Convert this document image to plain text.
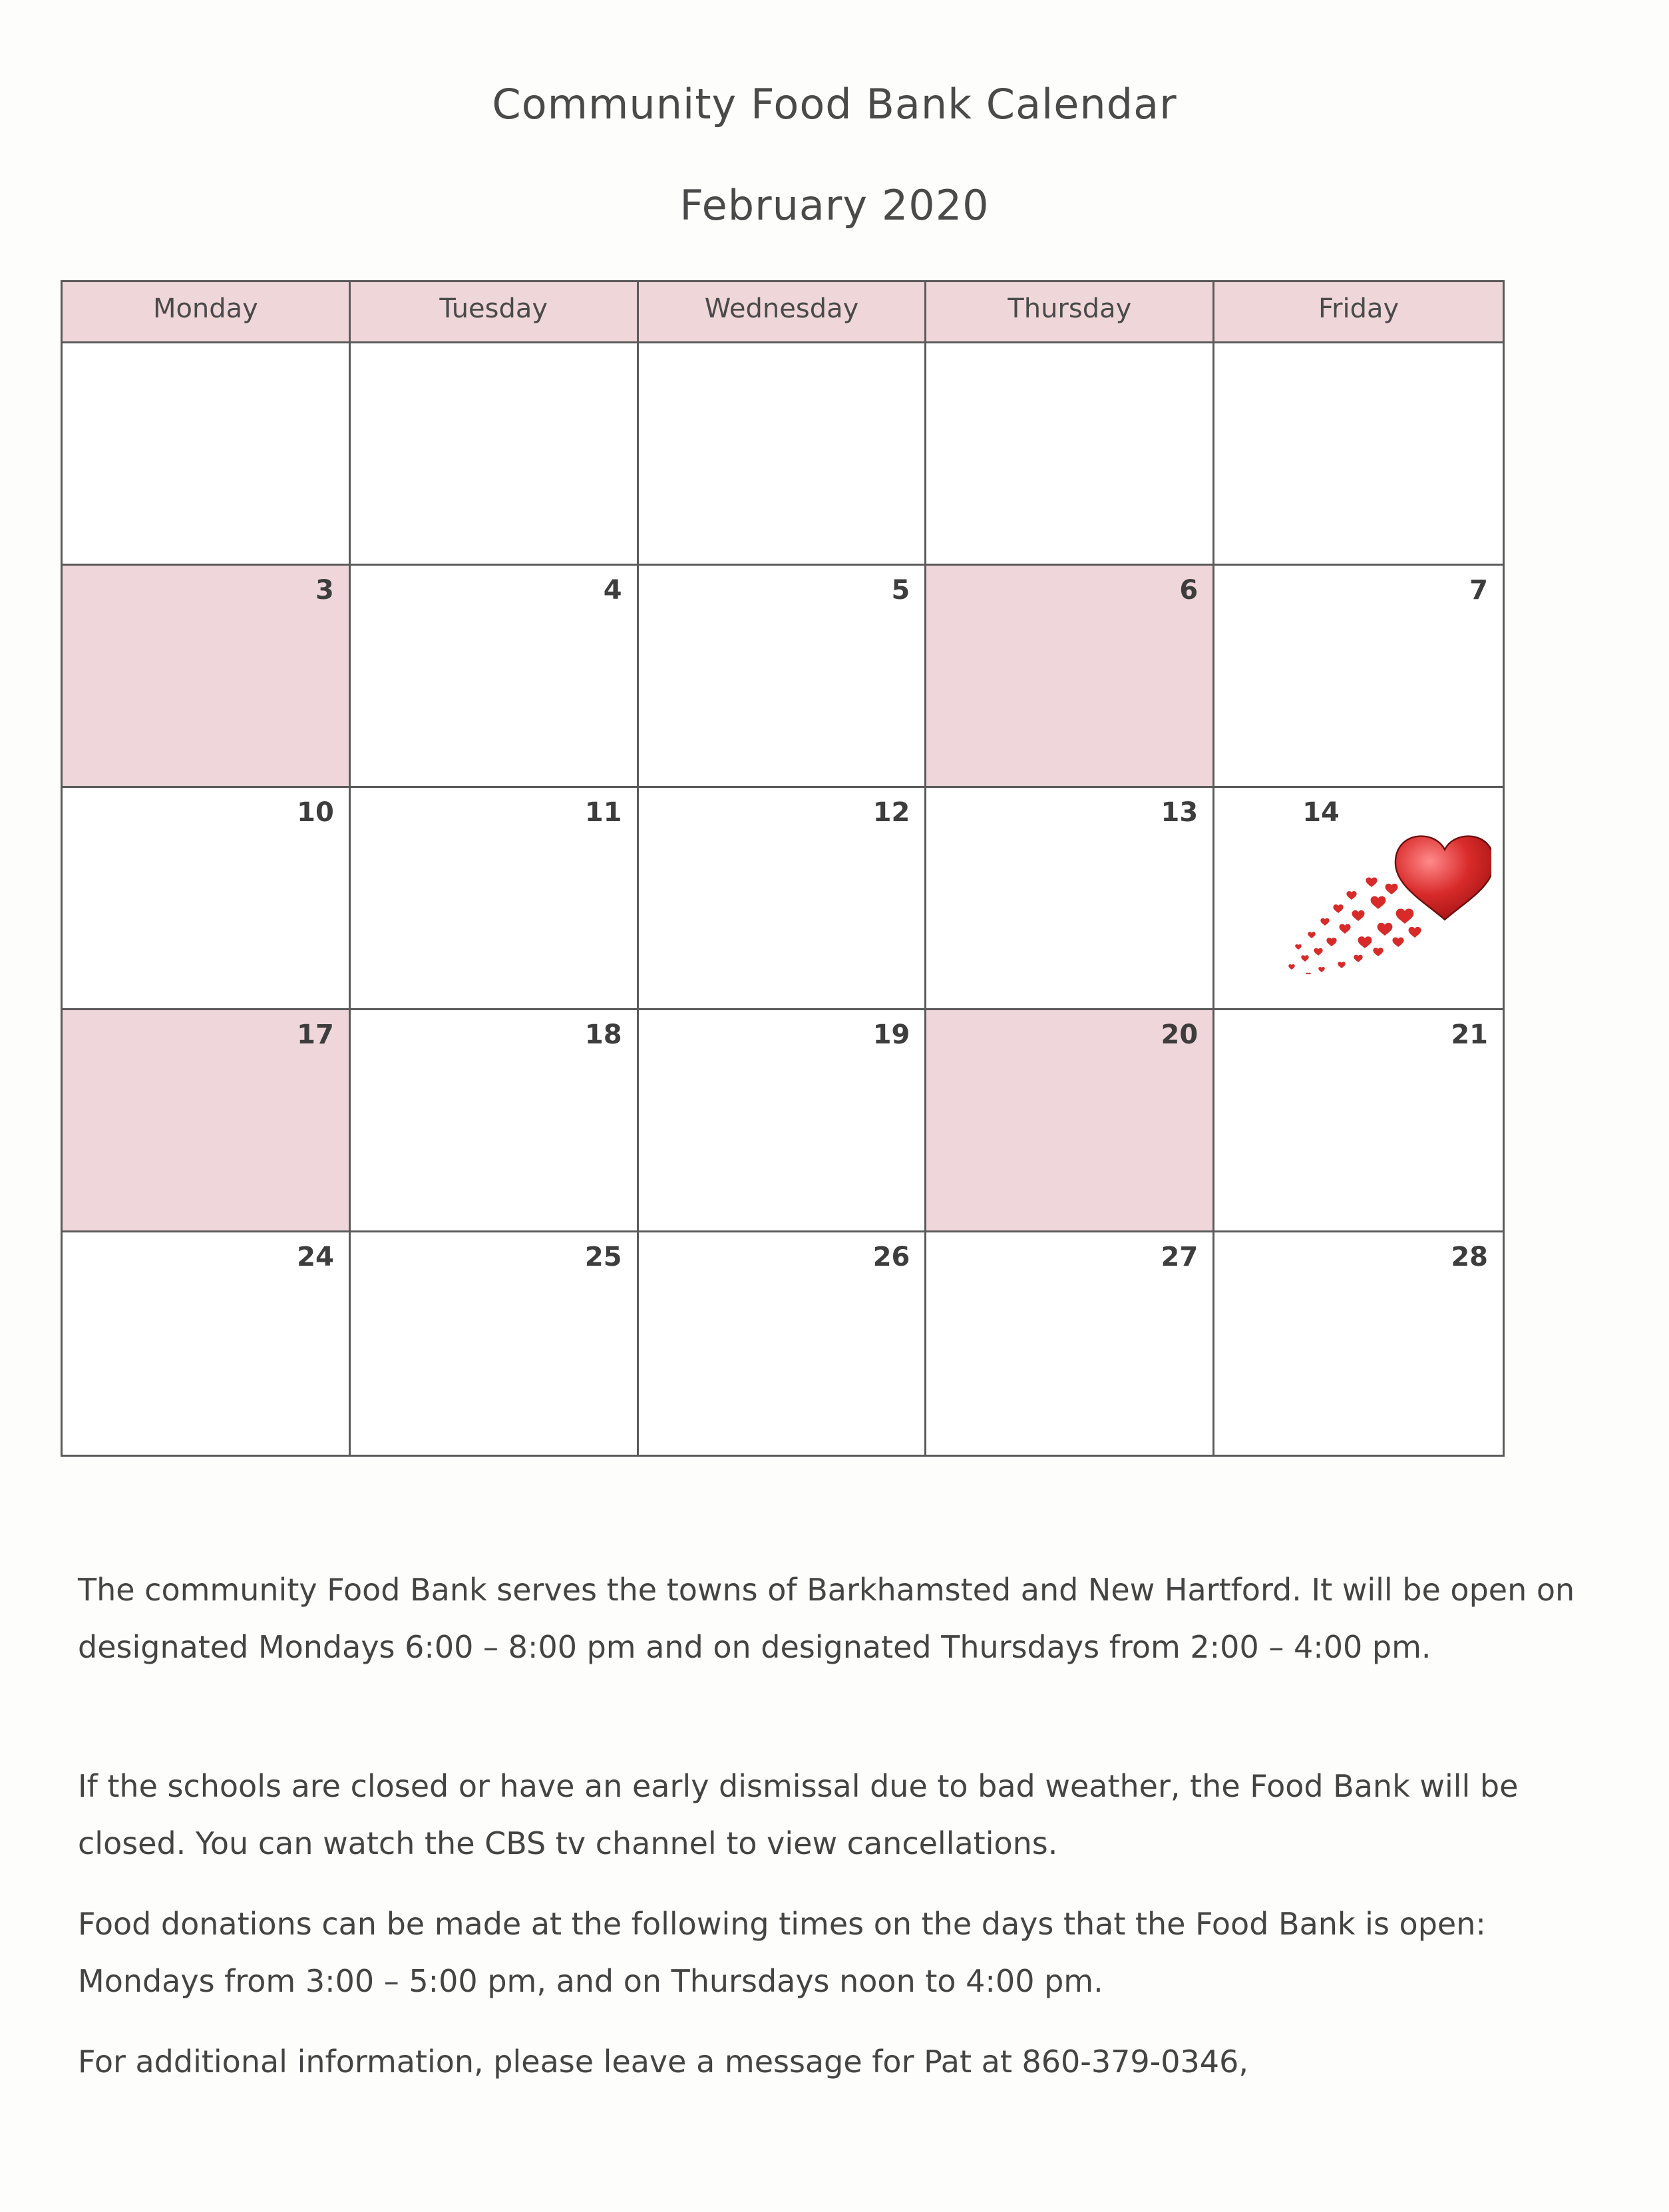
Community Food Bank Calendar
February 2020
Monday	Tuesday	Wednesday	Thursday	Friday
3	4	5	6	7
10	11	12	13	14
17	18	19	20	21
24	25	26	27	28
The community Food Bank serves the towns of Barkhamsted and New Hartford. It will be open on designated Mondays 6:00 – 8:00 pm and on designated Thursdays from 2:00 – 4:00 pm.
If the schools are closed or have an early dismissal due to bad weather, the Food Bank will be closed. You can watch the CBS tv channel to view cancellations.
Food donations can be made at the following times on the days that the Food Bank is open: Mondays from 3:00 – 5:00 pm, and on Thursdays noon to 4:00 pm.
For additional information, please leave a message for Pat at 860-379-0346,
